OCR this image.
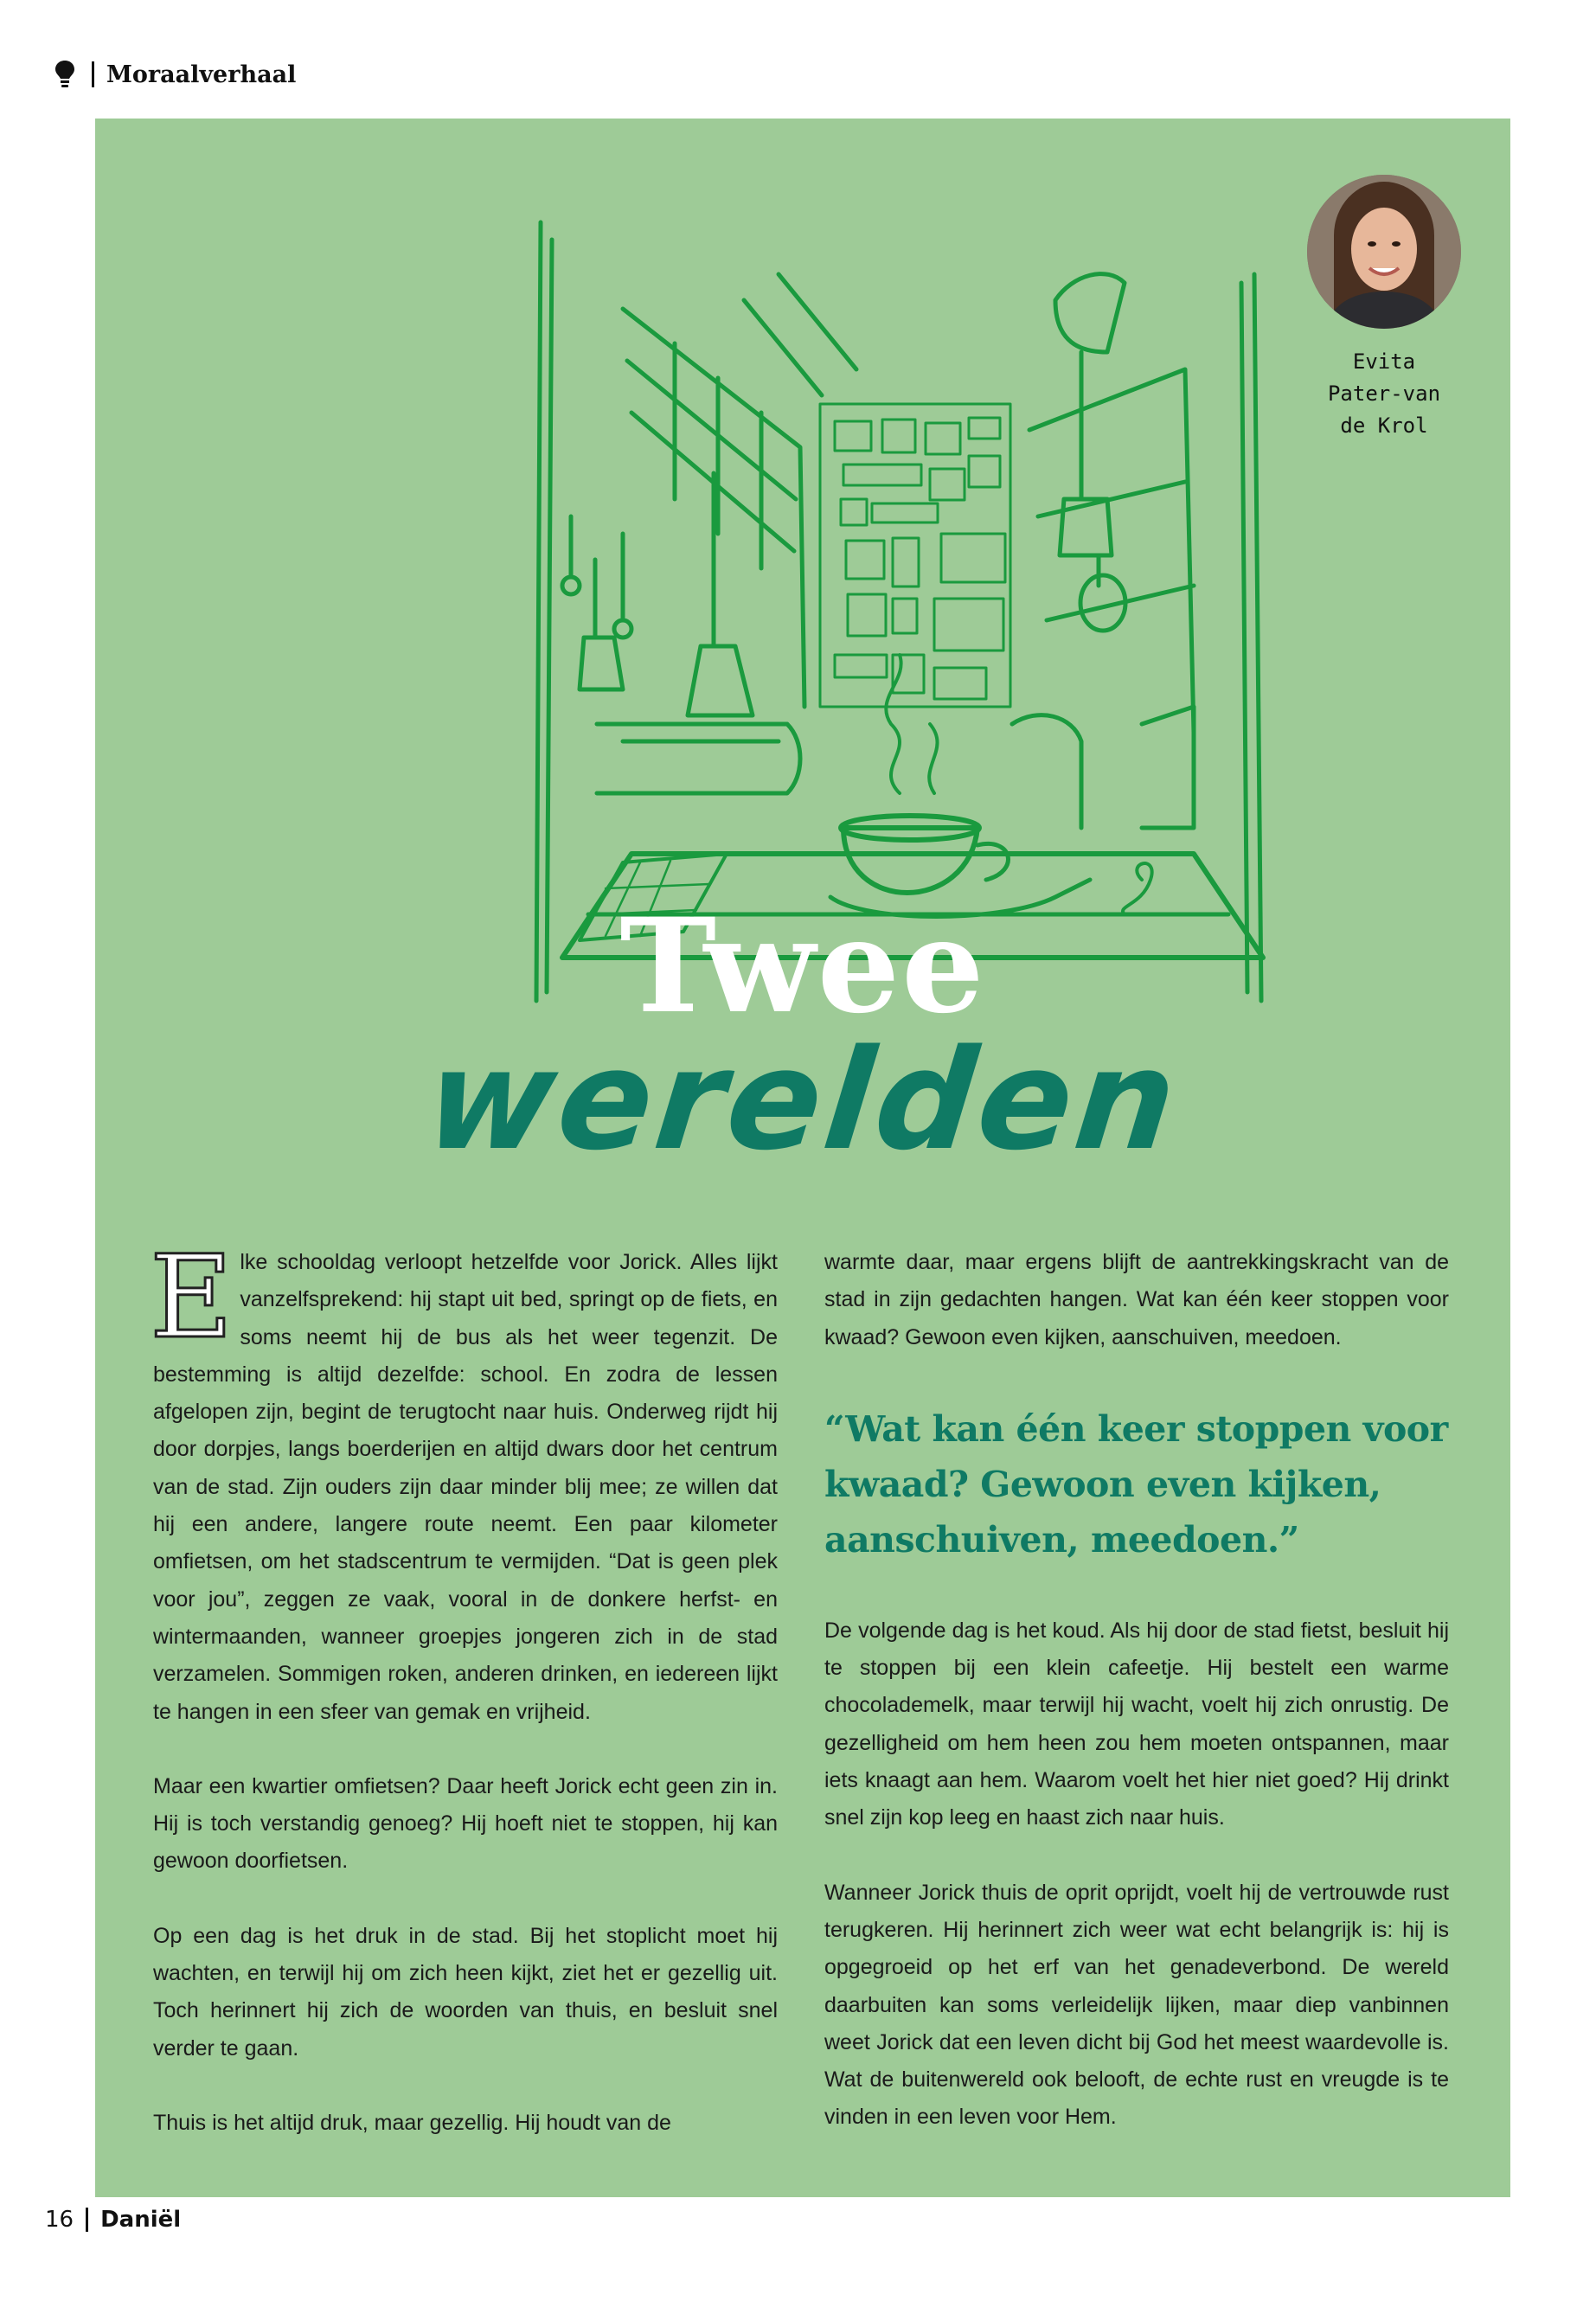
Moraalverhaal
Evita
Pater-van
de Krol
Twee
werelden

Elke schooldag verloopt hetzelfde voor Jorick. Alles lijkt vanzelfsprekend: hij stapt uit bed, springt op de fiets, en soms neemt hij de bus als het weer tegenzit. De bestemming is altijd dezelfde: school. En zodra de lessen afgelopen zijn, begint de terugtocht naar huis. Onderweg rijdt hij door dorpjes, langs boerderijen en altijd dwars door het centrum van de stad. Zijn ouders zijn daar minder blij mee; ze willen dat hij een andere, langere route neemt. Een paar kilometer omfietsen, om het stadscentrum te vermijden. “Dat is geen plek voor jou”, zeggen ze vaak, vooral in de donkere herfst- en wintermaanden, wanneer groepjes jongeren zich in de stad verzamelen. Sommigen roken, anderen drinken, en iedereen lijkt te hangen in een sfeer van gemak en vrijheid.

Maar een kwartier omfietsen? Daar heeft Jorick echt geen zin in. Hij is toch verstandig genoeg? Hij hoeft niet te stoppen, hij kan gewoon doorfietsen.

Op een dag is het druk in de stad. Bij het stoplicht moet hij wachten, en terwijl hij om zich heen kijkt, ziet het er gezellig uit. Toch herinnert hij zich de woorden van thuis, en besluit snel verder te gaan.

Thuis is het altijd druk, maar gezellig. Hij houdt van de

warmte daar, maar ergens blijft de aantrekkingskracht van de stad in zijn gedachten hangen. Wat kan één keer stoppen voor kwaad? Gewoon even kijken, aanschuiven, meedoen.

“Wat kan één keer stoppen voor kwaad? Gewoon even kijken, aanschuiven, meedoen.”

De volgende dag is het koud. Als hij door de stad fietst, besluit hij te stoppen bij een klein cafeetje. Hij bestelt een warme chocolademelk, maar terwijl hij wacht, voelt hij zich onrustig. De gezelligheid om hem heen zou hem moeten ontspannen, maar iets knaagt aan hem. Waarom voelt het hier niet goed? Hij drinkt snel zijn kop leeg en haast zich naar huis.

Wanneer Jorick thuis de oprit oprijdt, voelt hij de vertrouwde rust terugkeren. Hij herinnert zich weer wat echt belangrijk is: hij is opgegroeid op het erf van het genadeverbond. De wereld daarbuiten kan soms verleidelijk lijken, maar diep vanbinnen weet Jorick dat een leven dicht bij God het meest waardevolle is. Wat de buitenwereld ook belooft, de echte rust en vreugde is te vinden in een leven voor Hem.

16 Daniël
